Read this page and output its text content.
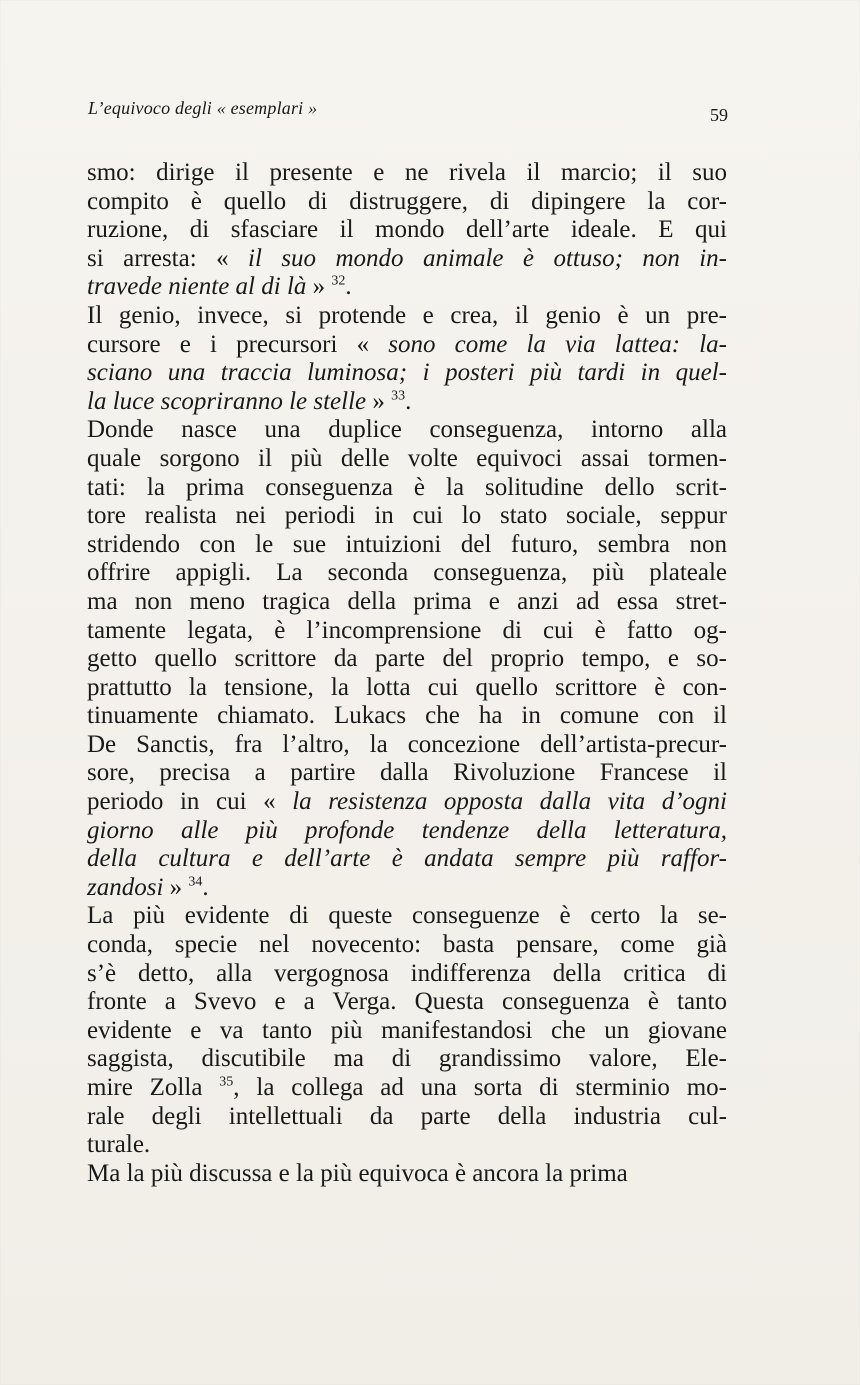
L’equivoco degli « esemplari »	59
smo: dirige il presente e ne rivela il marcio; il suo
compito è quello di distruggere, di dipingere la cor-
ruzione, di sfasciare il mondo dell’arte ideale. E qui
si arresta: « il suo mondo animale è ottuso; non in-
travede niente al di là » $^{32}$.
Il genio, invece, si protende e crea, il genio è un pre-
cursore e i precursori « sono come la via lattea: la-
sciano una traccia luminosa; i posteri più tardi in quel-
la luce scopriranno le stelle » $^{33}$.
Donde nasce una duplice conseguenza, intorno alla
quale sorgono il più delle volte equivoci assai tormen-
tati: la prima conseguenza è la solitudine dello scrit-
tore realista nei periodi in cui lo stato sociale, seppur
stridendo con le sue intuizioni del futuro, sembra non
offrire appigli. La seconda conseguenza, più plateale
ma non meno tragica della prima e anzi ad essa stret-
tamente legata, è l’incomprensione di cui è fatto og-
getto quello scrittore da parte del proprio tempo, e so-
prattutto la tensione, la lotta cui quello scrittore è con-
tinuamente chiamato. Lukacs che ha in comune con il
De Sanctis, fra l’altro, la concezione dell’artista-precur-
sore, precisa a partire dalla Rivoluzione Francese il
periodo in cui « la resistenza opposta dalla vita d’ogni
giorno alle più profonde tendenze della letteratura,
della cultura e dell’arte è andata sempre più raffor-
zandosi » $^{34}$.
La più evidente di queste conseguenze è certo la se-
conda, specie nel novecento: basta pensare, come già
s’è detto, alla vergognosa indifferenza della critica di
fronte a Svevo e a Verga. Questa conseguenza è tanto
evidente e va tanto più manifestandosi che un giovane
saggista, discutibile ma di grandissimo valore, Ele-
mire Zolla $^{35}$, la collega ad una sorta di sterminio mo-
rale degli intellettuali da parte della industria cul-
turale.
Ma la più discussa e la più equivoca è ancora la prima
